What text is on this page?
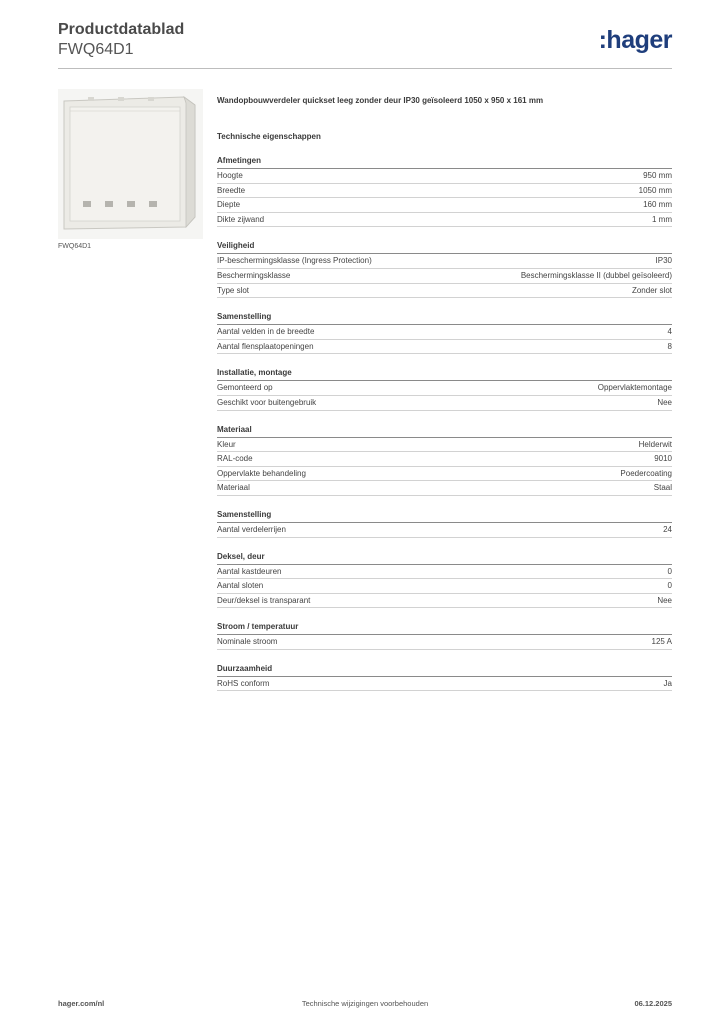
Productdatablad
FWQ64D1	:hager
FWQ64D1
Wandopbouwverdeler quickset leeg zonder deur IP30 geïsoleerd 1050 x 950 x 161 mm
Technische eigenschappen
Afmetingen
Hoogte	950 mm
Breedte	1050 mm
Diepte	160 mm
Dikte zijwand	1 mm
Veiligheid
IP-beschermingsklasse (Ingress Protection)	IP30
Beschermingsklasse	Beschermingsklasse II (dubbel geïsoleerd)
Type slot	Zonder slot
Samenstelling
Aantal velden in de breedte	4
Aantal flensplaatopeningen	8
Installatie, montage
Gemonteerd op	Oppervlaktemontage
Geschikt voor buitengebruik	Nee
Materiaal
Kleur	Helderwit
RAL-code	9010
Oppervlakte behandeling	Poedercoating
Materiaal	Staal
Samenstelling
Aantal verdelerrijen	24
Deksel, deur
Aantal kastdeuren	0
Aantal sloten	0
Deur/deksel is transparant	Nee
Stroom / temperatuur
Nominale stroom	125 A
Duurzaamheid
RoHS conform	Ja
hager.com/nl	Technische wijzigingen voorbehouden	06.12.2025
